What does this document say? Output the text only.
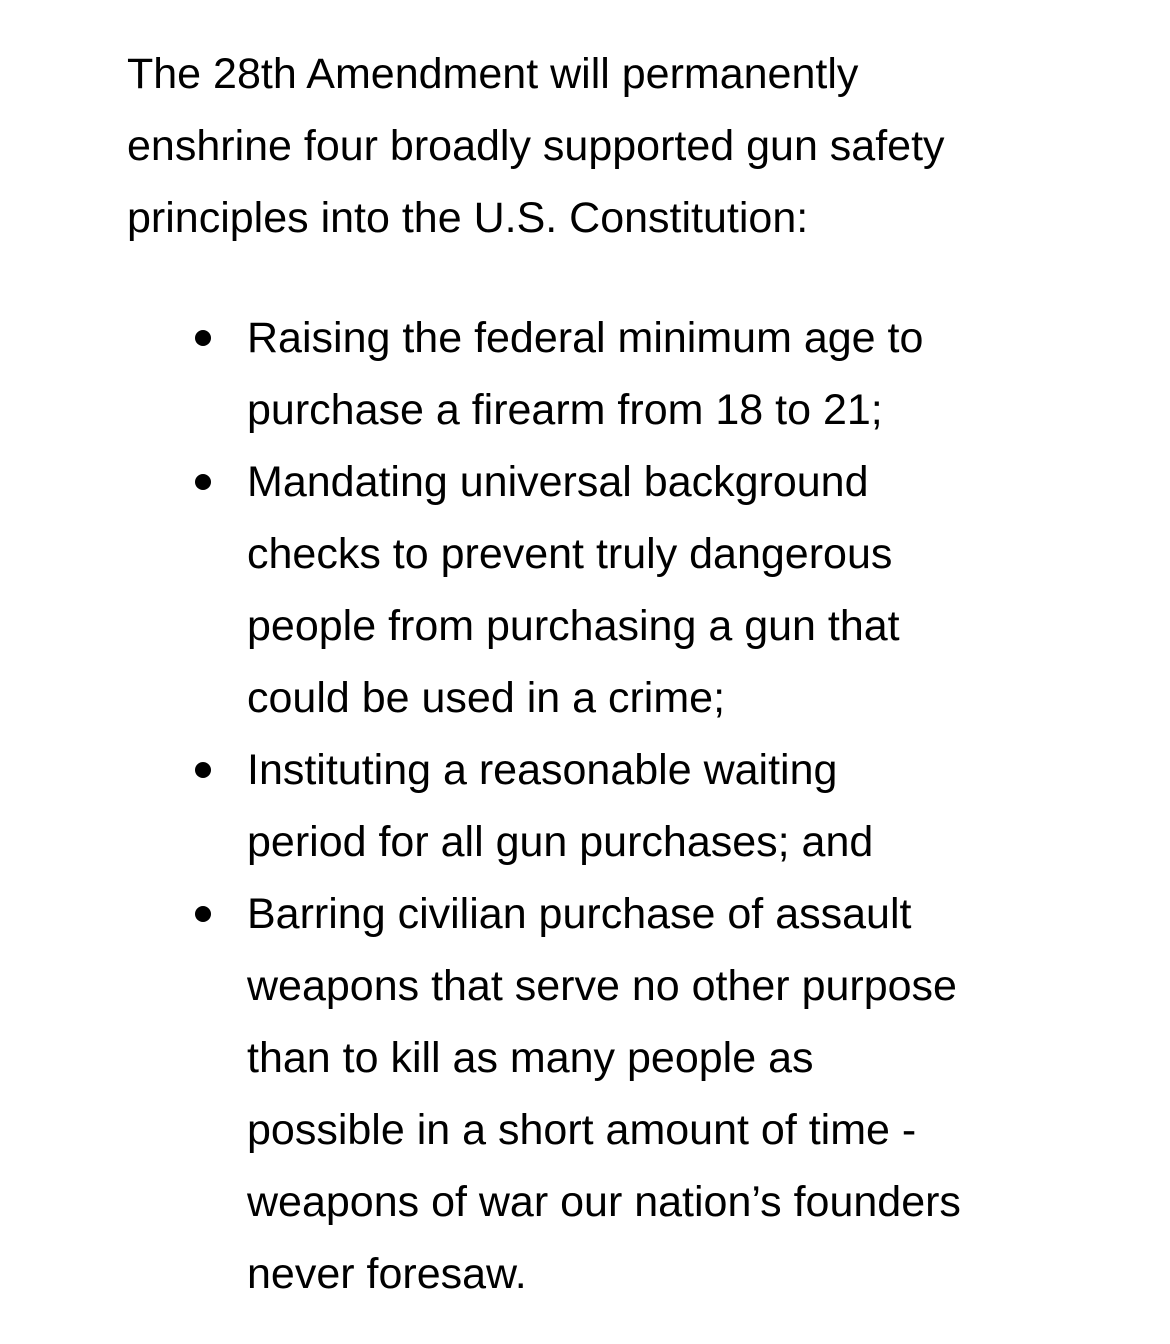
The 28th Amendment will permanently
enshrine four broadly supported gun safety
principles into the U.S. Constitution:

Raising the federal minimum age to
purchase a firearm from 18 to 21;
Mandating universal background
checks to prevent truly dangerous
people from purchasing a gun that
could be used in a crime;
Instituting a reasonable waiting
period for all gun purchases; and
Barring civilian purchase of assault
weapons that serve no other purpose
than to kill as many people as
possible in a short amount of time -
weapons of war our nation’s founders
never foresaw.
